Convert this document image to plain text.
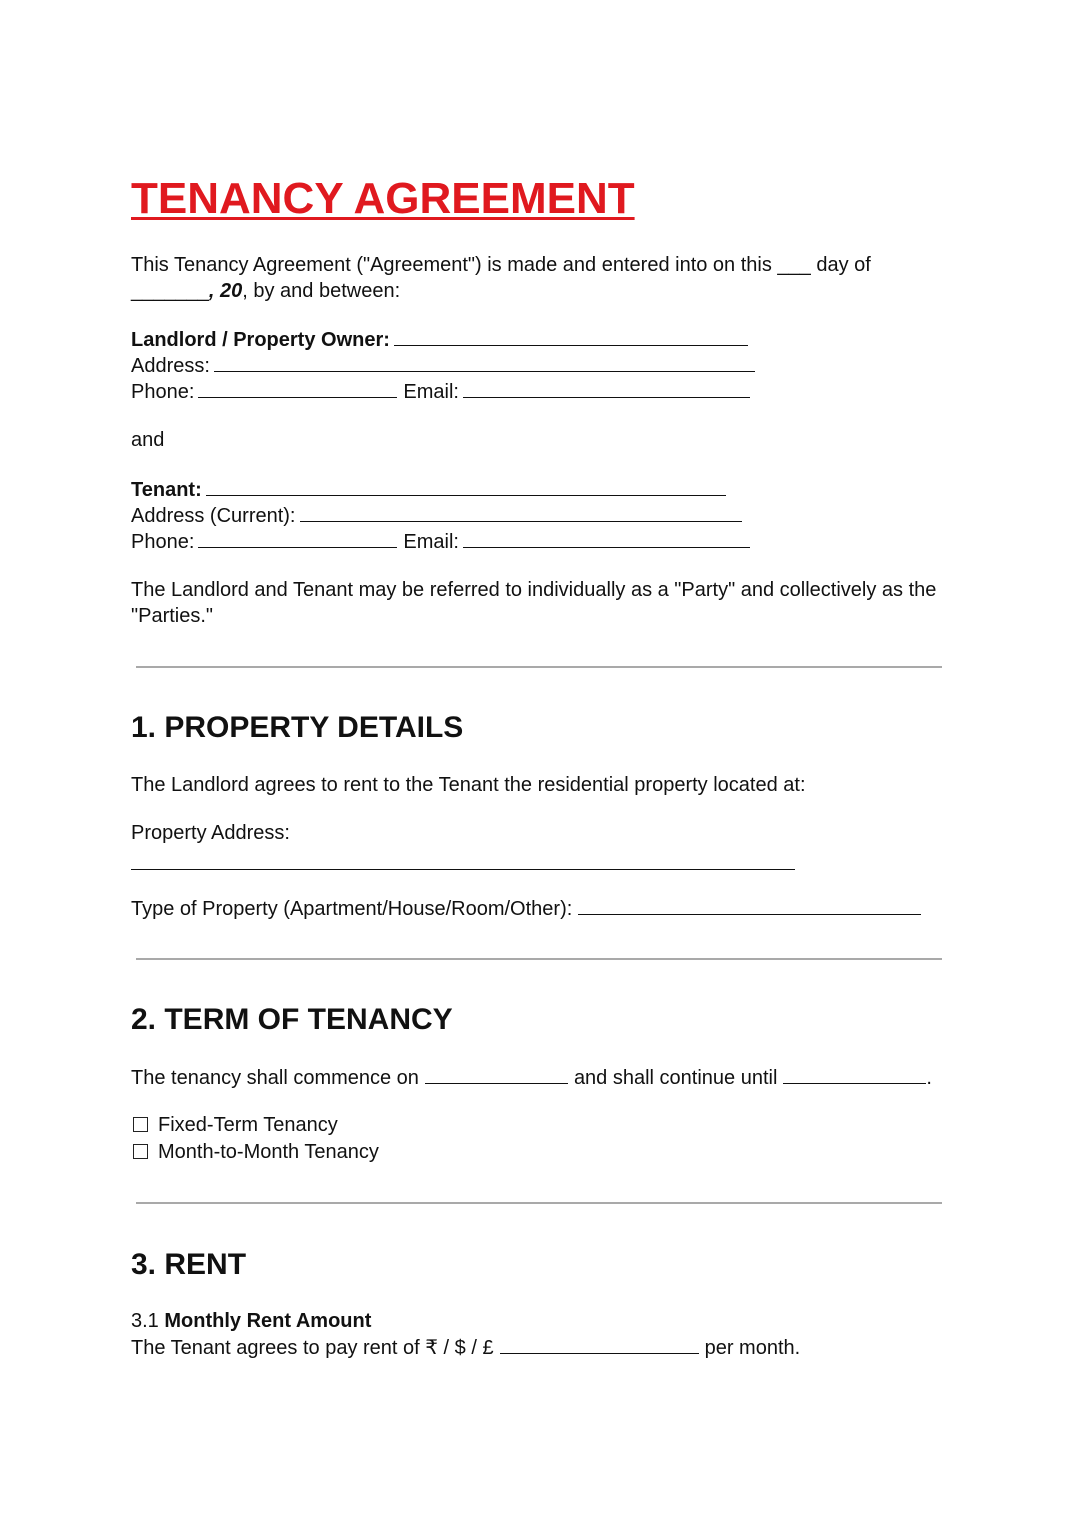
TENANCY AGREEMENT

This Tenancy Agreement ("Agreement") is made and entered into on this ___ day of

_______, 20, by and between:

Landlord / Property Owner:

Address:

Phone:	Email:

and

Tenant:

Address (Current):

Phone:	Email:

The Landlord and Tenant may be referred to individually as a "Party" and collectively as the "Parties."

1. PROPERTY DETAILS

The Landlord agrees to rent to the Tenant the residential property located at:

Property Address:

Type of Property (Apartment/House/Room/Other):

2. TERM OF TENANCY

The tenancy shall commence on	and shall continue until	.

Fixed-Term Tenancy

Month-to-Month Tenancy

3. RENT

3.1 Monthly Rent Amount

The Tenant agrees to pay rent of ₹ / $ / £	per month.
